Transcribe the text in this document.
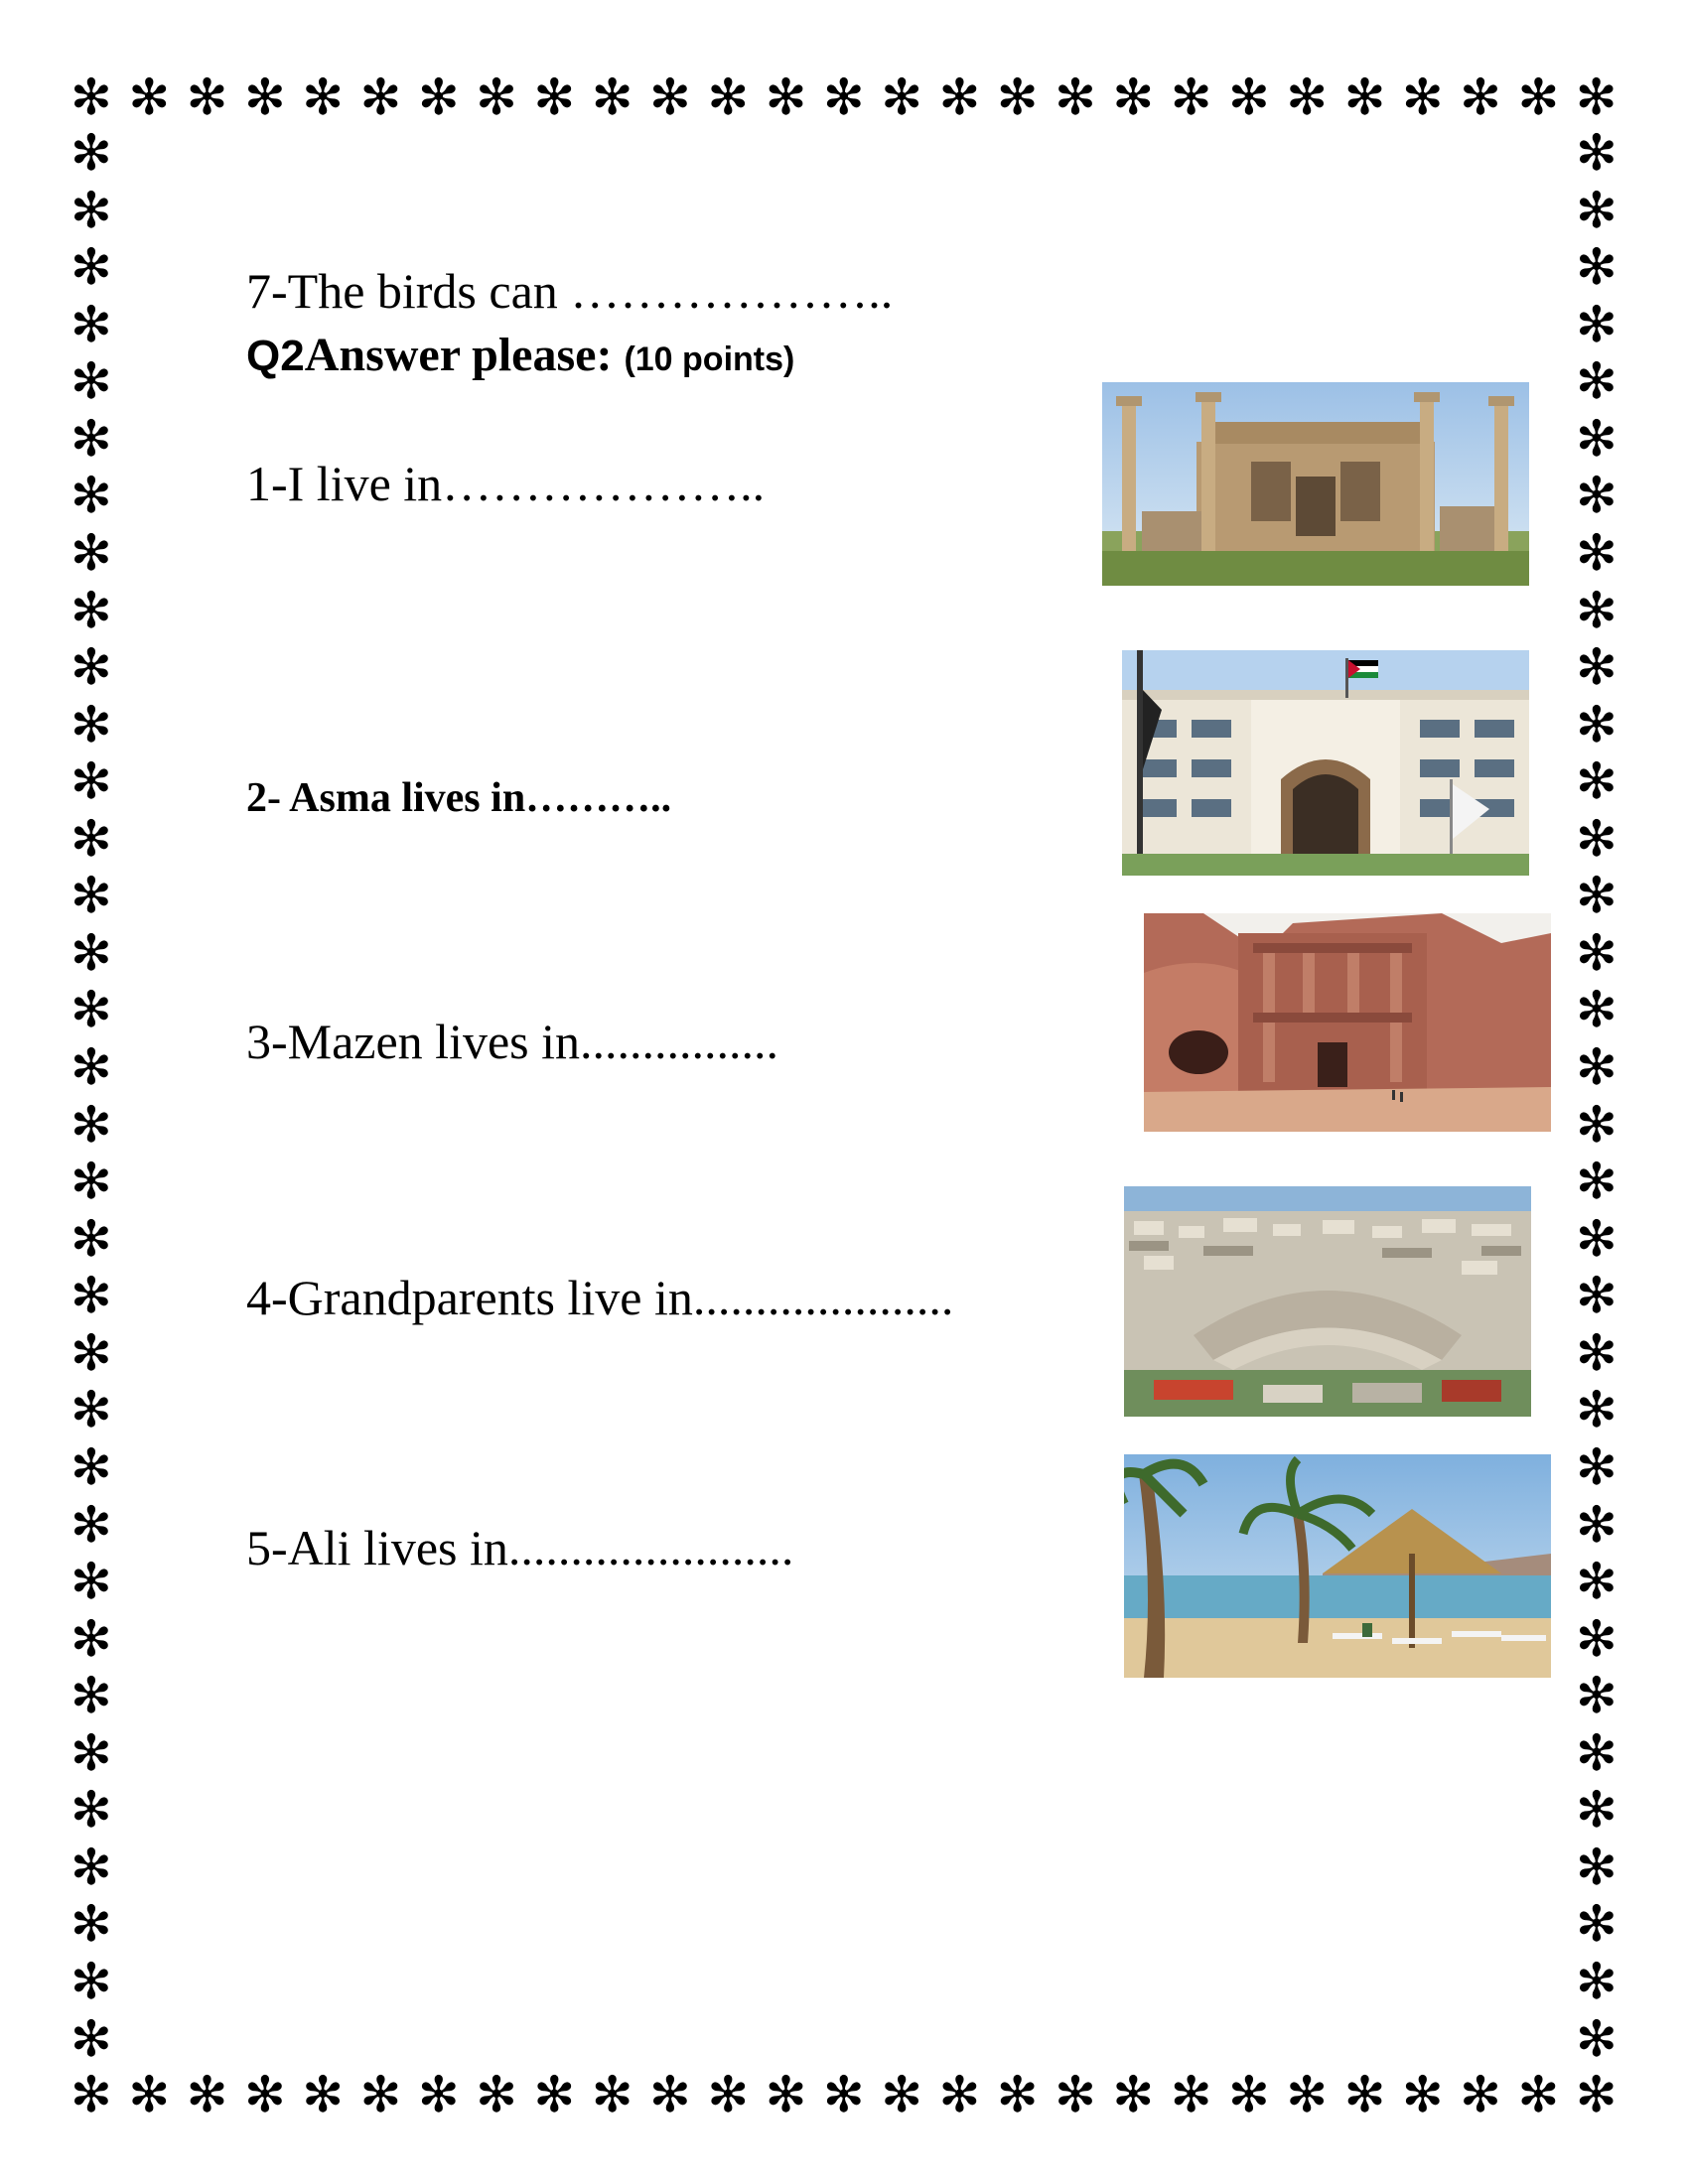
✻ ✻ ✻ ✻ ✻ ✻ ✻ ✻ ✻ ✻ ✻ ✻ ✻ ✻ ✻ ✻ ✻ ✻ ✻ ✻ ✻ ✻ ✻ ✻ ✻ ✻ ✻
✻ ✻ ✻ ✻ ✻ ✻ ✻ ✻ ✻ ✻ ✻ ✻ ✻ ✻ ✻ ✻ ✻ ✻ ✻ ✻ ✻ ✻ ✻ ✻ ✻ ✻ ✻
✻
✻
✻
✻
✻
✻
✻
✻
✻
✻
✻
✻
✻
✻
✻
✻
✻
✻
✻
✻
✻
✻
✻
✻
✻
✻
✻
✻
✻
✻
✻
✻
✻
✻
✻
✻
✻
✻
✻
✻
✻
✻
✻
✻
✻
✻
✻
✻
✻
✻
✻
✻
✻
✻
✻
✻
✻
✻
✻
✻
✻
✻
✻
✻
✻
✻
✻
✻
7-The birds can ………………..
Q2Answer please: (10 points)
1-I live in………………..
2- Asma lives in………..
3-Mazen lives in................
4-Grandparents live in.....................
5-Ali lives in.......................
